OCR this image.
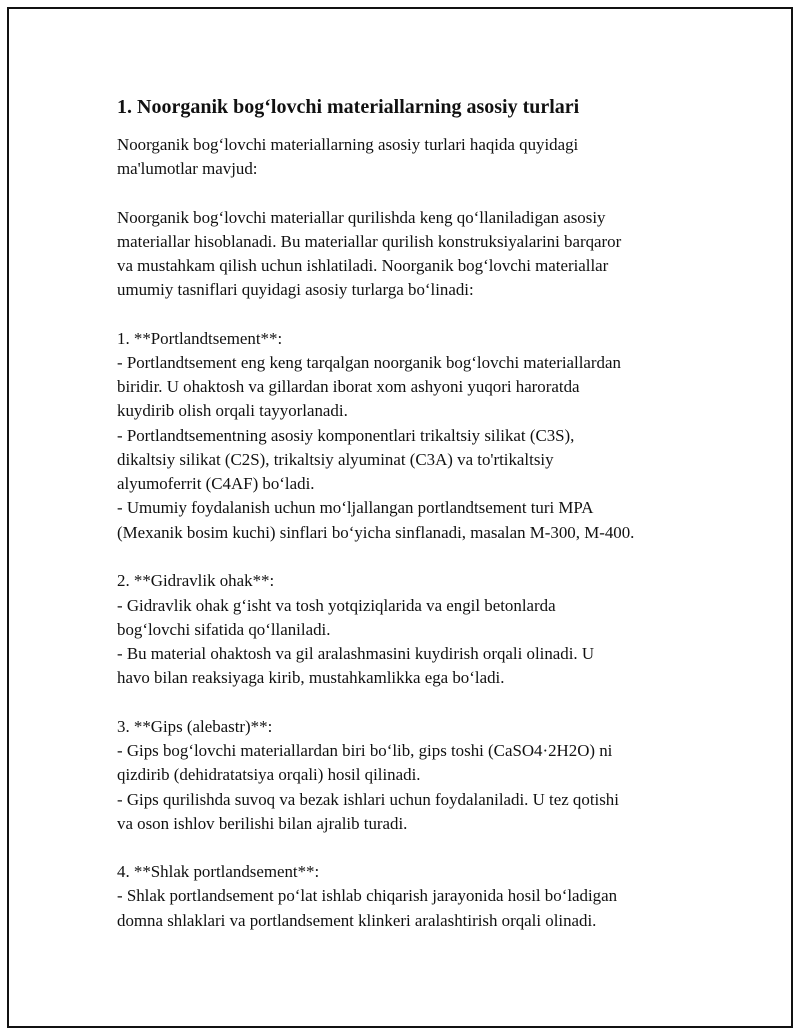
1. Noorganik bog‘lovchi materiallarning asosiy turlari
Noorganik bog‘lovchi materiallarning asosiy turlari haqida quyidagi
ma'lumotlar mavjud:
Noorganik bog‘lovchi materiallar qurilishda keng qo‘llaniladigan asosiy
materiallar hisoblanadi. Bu materiallar qurilish konstruksiyalarini barqaror
va mustahkam qilish uchun ishlatiladi. Noorganik bog‘lovchi materiallar
umumiy tasniflari quyidagi asosiy turlarga bo‘linadi:
1. **Portlandtsement**:
- Portlandtsement eng keng tarqalgan noorganik bog‘lovchi materiallardan
biridir. U ohaktosh va gillardan iborat xom ashyoni yuqori haroratda
kuydirib olish orqali tayyorlanadi.
- Portlandtsementning asosiy komponentlari trikaltsiy silikat (C3S),
dikaltsiy silikat (C2S), trikaltsiy alyuminat (C3A) va to'rtikaltsiy
alyumoferrit (C4AF) bo‘ladi.
- Umumiy foydalanish uchun mo‘ljallangan portlandtsement turi MPA
(Mexanik bosim kuchi) sinflari bo‘yicha sinflanadi, masalan M-300, M-400.
2. **Gidravlik ohak**:
- Gidravlik ohak g‘isht va tosh yotqiziqlarida va engil betonlarda
bog‘lovchi sifatida qo‘llaniladi.
- Bu material ohaktosh va gil aralashmasini kuydirish orqali olinadi. U
havo bilan reaksiyaga kirib, mustahkamlikka ega bo‘ladi.
3. **Gips (alebastr)**:
- Gips bog‘lovchi materiallardan biri bo‘lib, gips toshi (CaSO4·2H2O) ni
qizdirib (dehidratatsiya orqali) hosil qilinadi.
- Gips qurilishda suvoq va bezak ishlari uchun foydalaniladi. U tez qotishi
va oson ishlov berilishi bilan ajralib turadi.
4. **Shlak portlandsement**:
- Shlak portlandsement po‘lat ishlab chiqarish jarayonida hosil bo‘ladigan
domna shlaklari va portlandsement klinkeri aralashtirish orqali olinadi.
